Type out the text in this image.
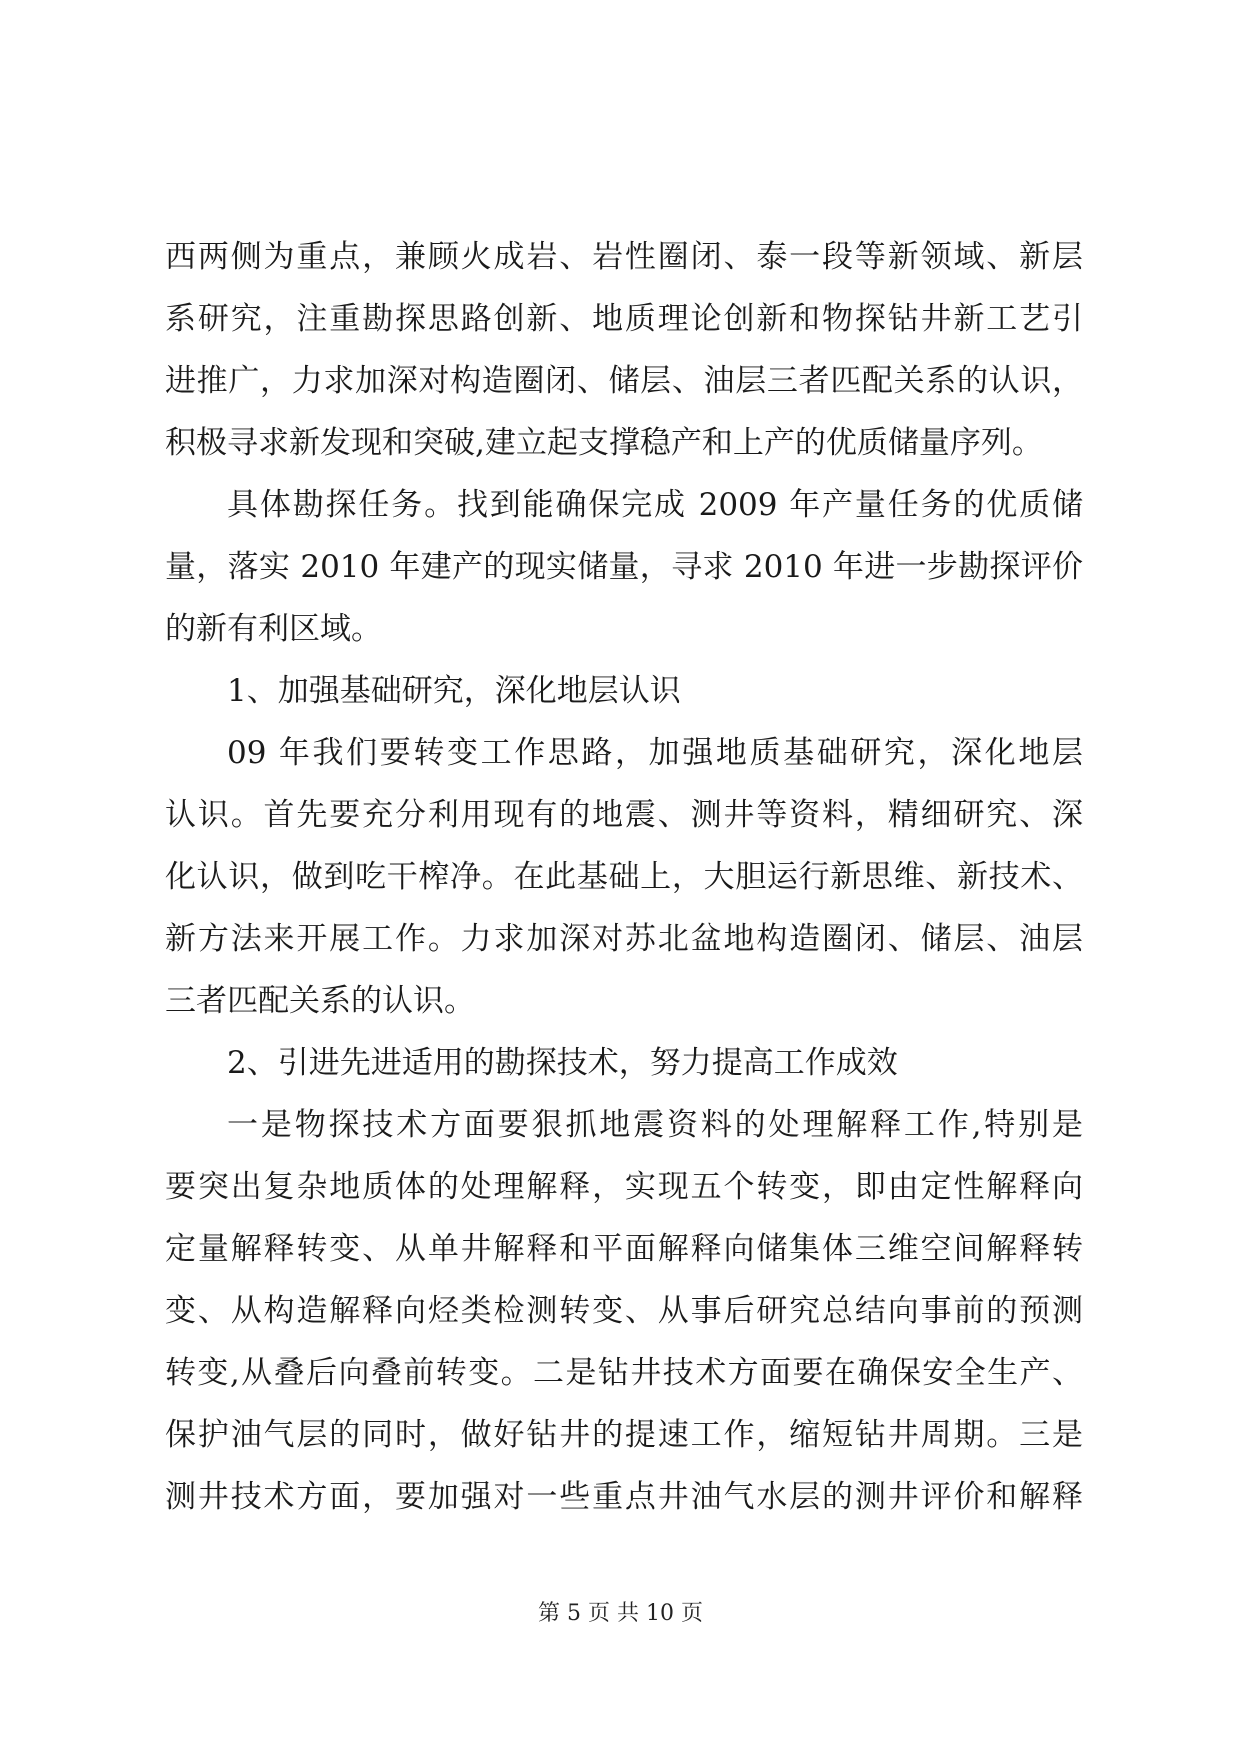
西两侧为重点，兼顾火成岩、岩性圈闭、泰一段等新领域、新层
系研究，注重勘探思路创新、地质理论创新和物探钻井新工艺引
进推广，力求加深对构造圈闭、储层、油层三者匹配关系的认识，
积极寻求新发现和突破,建立起支撑稳产和上产的优质储量序列。
具体勘探任务。找到能确保完成 2009 年产量任务的优质储
量，落实 2010 年建产的现实储量，寻求 2010 年进一步勘探评价
的新有利区域。
1、加强基础研究，深化地层认识
09 年我们要转变工作思路，加强地质基础研究，深化地层
认识。首先要充分利用现有的地震、测井等资料，精细研究、深
化认识，做到吃干榨净。在此基础上，大胆运行新思维、新技术、
新方法来开展工作。力求加深对苏北盆地构造圈闭、储层、油层
三者匹配关系的认识。
2、引进先进适用的勘探技术，努力提高工作成效
一是物探技术方面要狠抓地震资料的处理解释工作,特别是
要突出复杂地质体的处理解释，实现五个转变，即由定性解释向
定量解释转变、从单井解释和平面解释向储集体三维空间解释转
变、从构造解释向烃类检测转变、从事后研究总结向事前的预测
转变,从叠后向叠前转变。二是钻井技术方面要在确保安全生产、
保护油气层的同时，做好钻井的提速工作，缩短钻井周期。三是
测井技术方面，要加强对一些重点井油气水层的测井评价和解释
第 5 页 共 10 页
